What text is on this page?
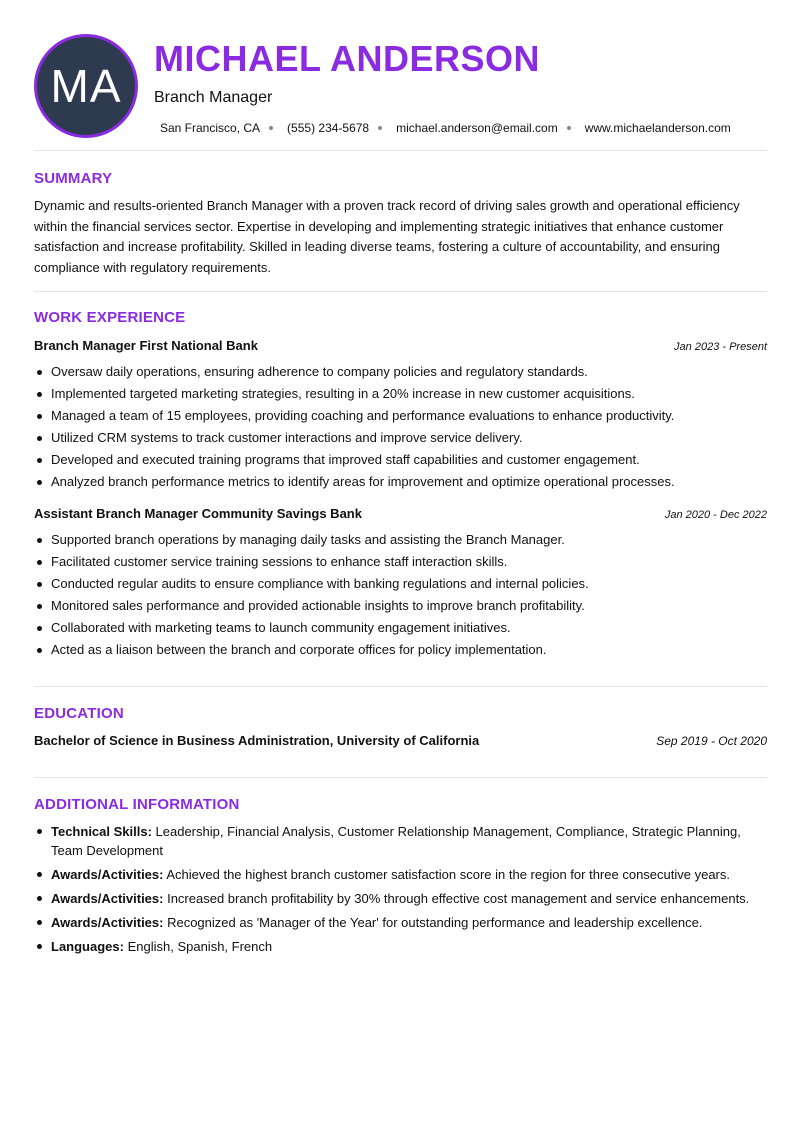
MA
MICHAEL ANDERSON
Branch Manager
San Francisco, CA (555) 234-5678 michael.anderson@email.com www.michaelanderson.com
SUMMARY
Dynamic and results-oriented Branch Manager with a proven track record of driving sales growth and operational efficiency within the financial services sector. Expertise in developing and implementing strategic initiatives that enhance customer satisfaction and increase profitability. Skilled in leading diverse teams, fostering a culture of accountability, and ensuring compliance with regulatory requirements.
WORK EXPERIENCE
Branch Manager First National Bank	Jan 2023 - Present
Oversaw daily operations, ensuring adherence to company policies and regulatory standards.
Implemented targeted marketing strategies, resulting in a 20% increase in new customer acquisitions.
Managed a team of 15 employees, providing coaching and performance evaluations to enhance productivity.
Utilized CRM systems to track customer interactions and improve service delivery.
Developed and executed training programs that improved staff capabilities and customer engagement.
Analyzed branch performance metrics to identify areas for improvement and optimize operational processes.
Assistant Branch Manager Community Savings Bank	Jan 2020 - Dec 2022
Supported branch operations by managing daily tasks and assisting the Branch Manager.
Facilitated customer service training sessions to enhance staff interaction skills.
Conducted regular audits to ensure compliance with banking regulations and internal policies.
Monitored sales performance and provided actionable insights to improve branch profitability.
Collaborated with marketing teams to launch community engagement initiatives.
Acted as a liaison between the branch and corporate offices for policy implementation.
EDUCATION
Bachelor of Science in Business Administration, University of California	Sep 2019 - Oct 2020
ADDITIONAL INFORMATION
Technical Skills: Leadership, Financial Analysis, Customer Relationship Management, Compliance, Strategic Planning, Team Development
Awards/Activities: Achieved the highest branch customer satisfaction score in the region for three consecutive years.
Awards/Activities: Increased branch profitability by 30% through effective cost management and service enhancements.
Awards/Activities: Recognized as 'Manager of the Year' for outstanding performance and leadership excellence.
Languages: English, Spanish, French
